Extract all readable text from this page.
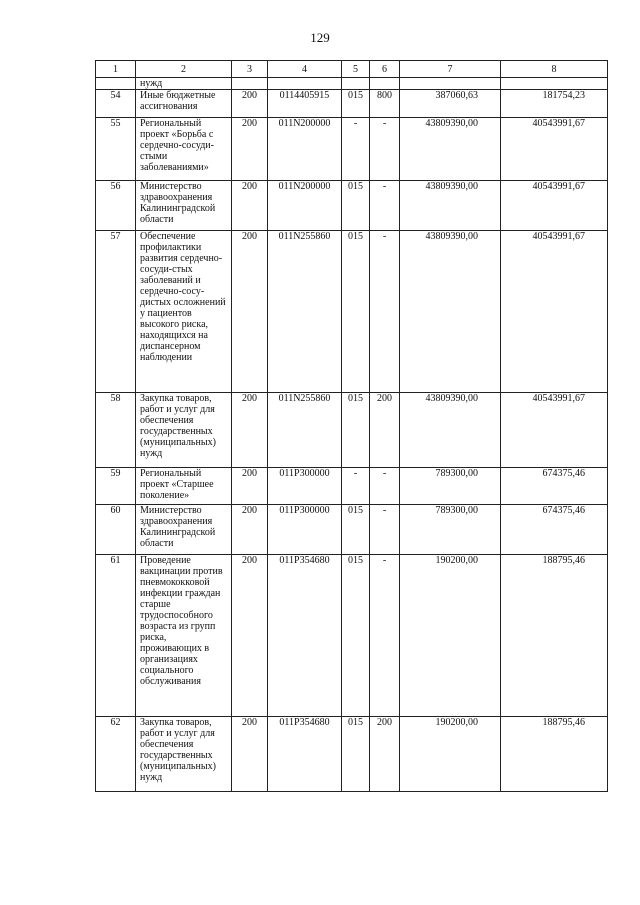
129
1	2	3	4	5	6	7	8
	нужд						
54	Иные бюджетные ассигнования	200	0114405915	015	800	387060,63	181754,23
55	Региональный проект «Борьба с сердечно-сосуди-стыми заболеваниями»	200	011N200000	-	-	43809390,00	40543991,67
56	Министерство здравоохранения Калининградской области	200	011N200000	015	-	43809390,00	40543991,67
57	Обеспечение профилактики развития сердечно-сосуди-стых заболеваний и сердечно-сосу-дистых осложнений у пациентов высокого риска, находящихся на диспансерном наблюдении	200	011N255860	015	-	43809390,00	40543991,67
58	Закупка товаров, работ и услуг для обеспечения государственных (муниципальных) нужд	200	011N255860	015	200	43809390,00	40543991,67
59	Региональный проект «Старшее поколение»	200	011P300000	-	-	789300,00	674375,46
60	Министерство здравоохранения Калининградской области	200	011P300000	015	-	789300,00	674375,46
61	Проведение вакцинации против пневмококковой инфекции граждан старше трудоспособного возраста из групп риска, проживающих в организациях социального обслуживания	200	011P354680	015	-	190200,00	188795,46
62	Закупка товаров, работ и услуг для обеспечения государственных (муниципальных) нужд	200	011P354680	015	200	190200,00	188795,46
